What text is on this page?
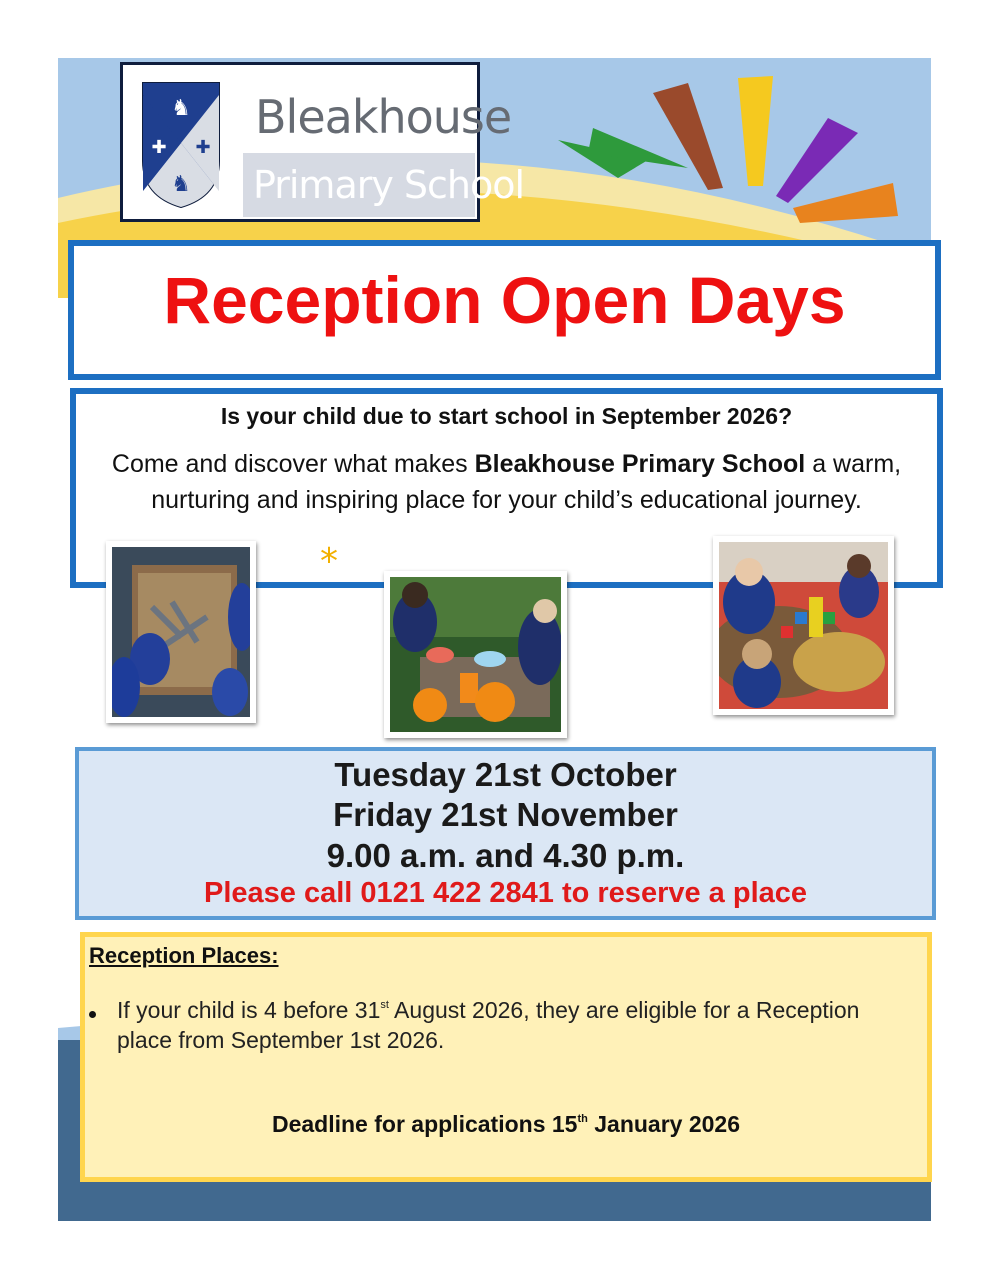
♞
✚ ✚
♞
Bleakhouse
Primary School
Reception Open Days
Is your child due to start school in September 2026?
Come and discover what makes Bleakhouse Primary School a warm, nurturing and inspiring place for your child’s educational journey.
*
Tuesday 21st October
Friday 21st November
9.00 a.m. and 4.30 p.m.
Please call 0121 422 2841 to reserve a place
Reception Places:
If your child is 4 before 31st August 2026, they are eligible for a Reception place from September 1st 2026.
Deadline for applications 15th January 2026
